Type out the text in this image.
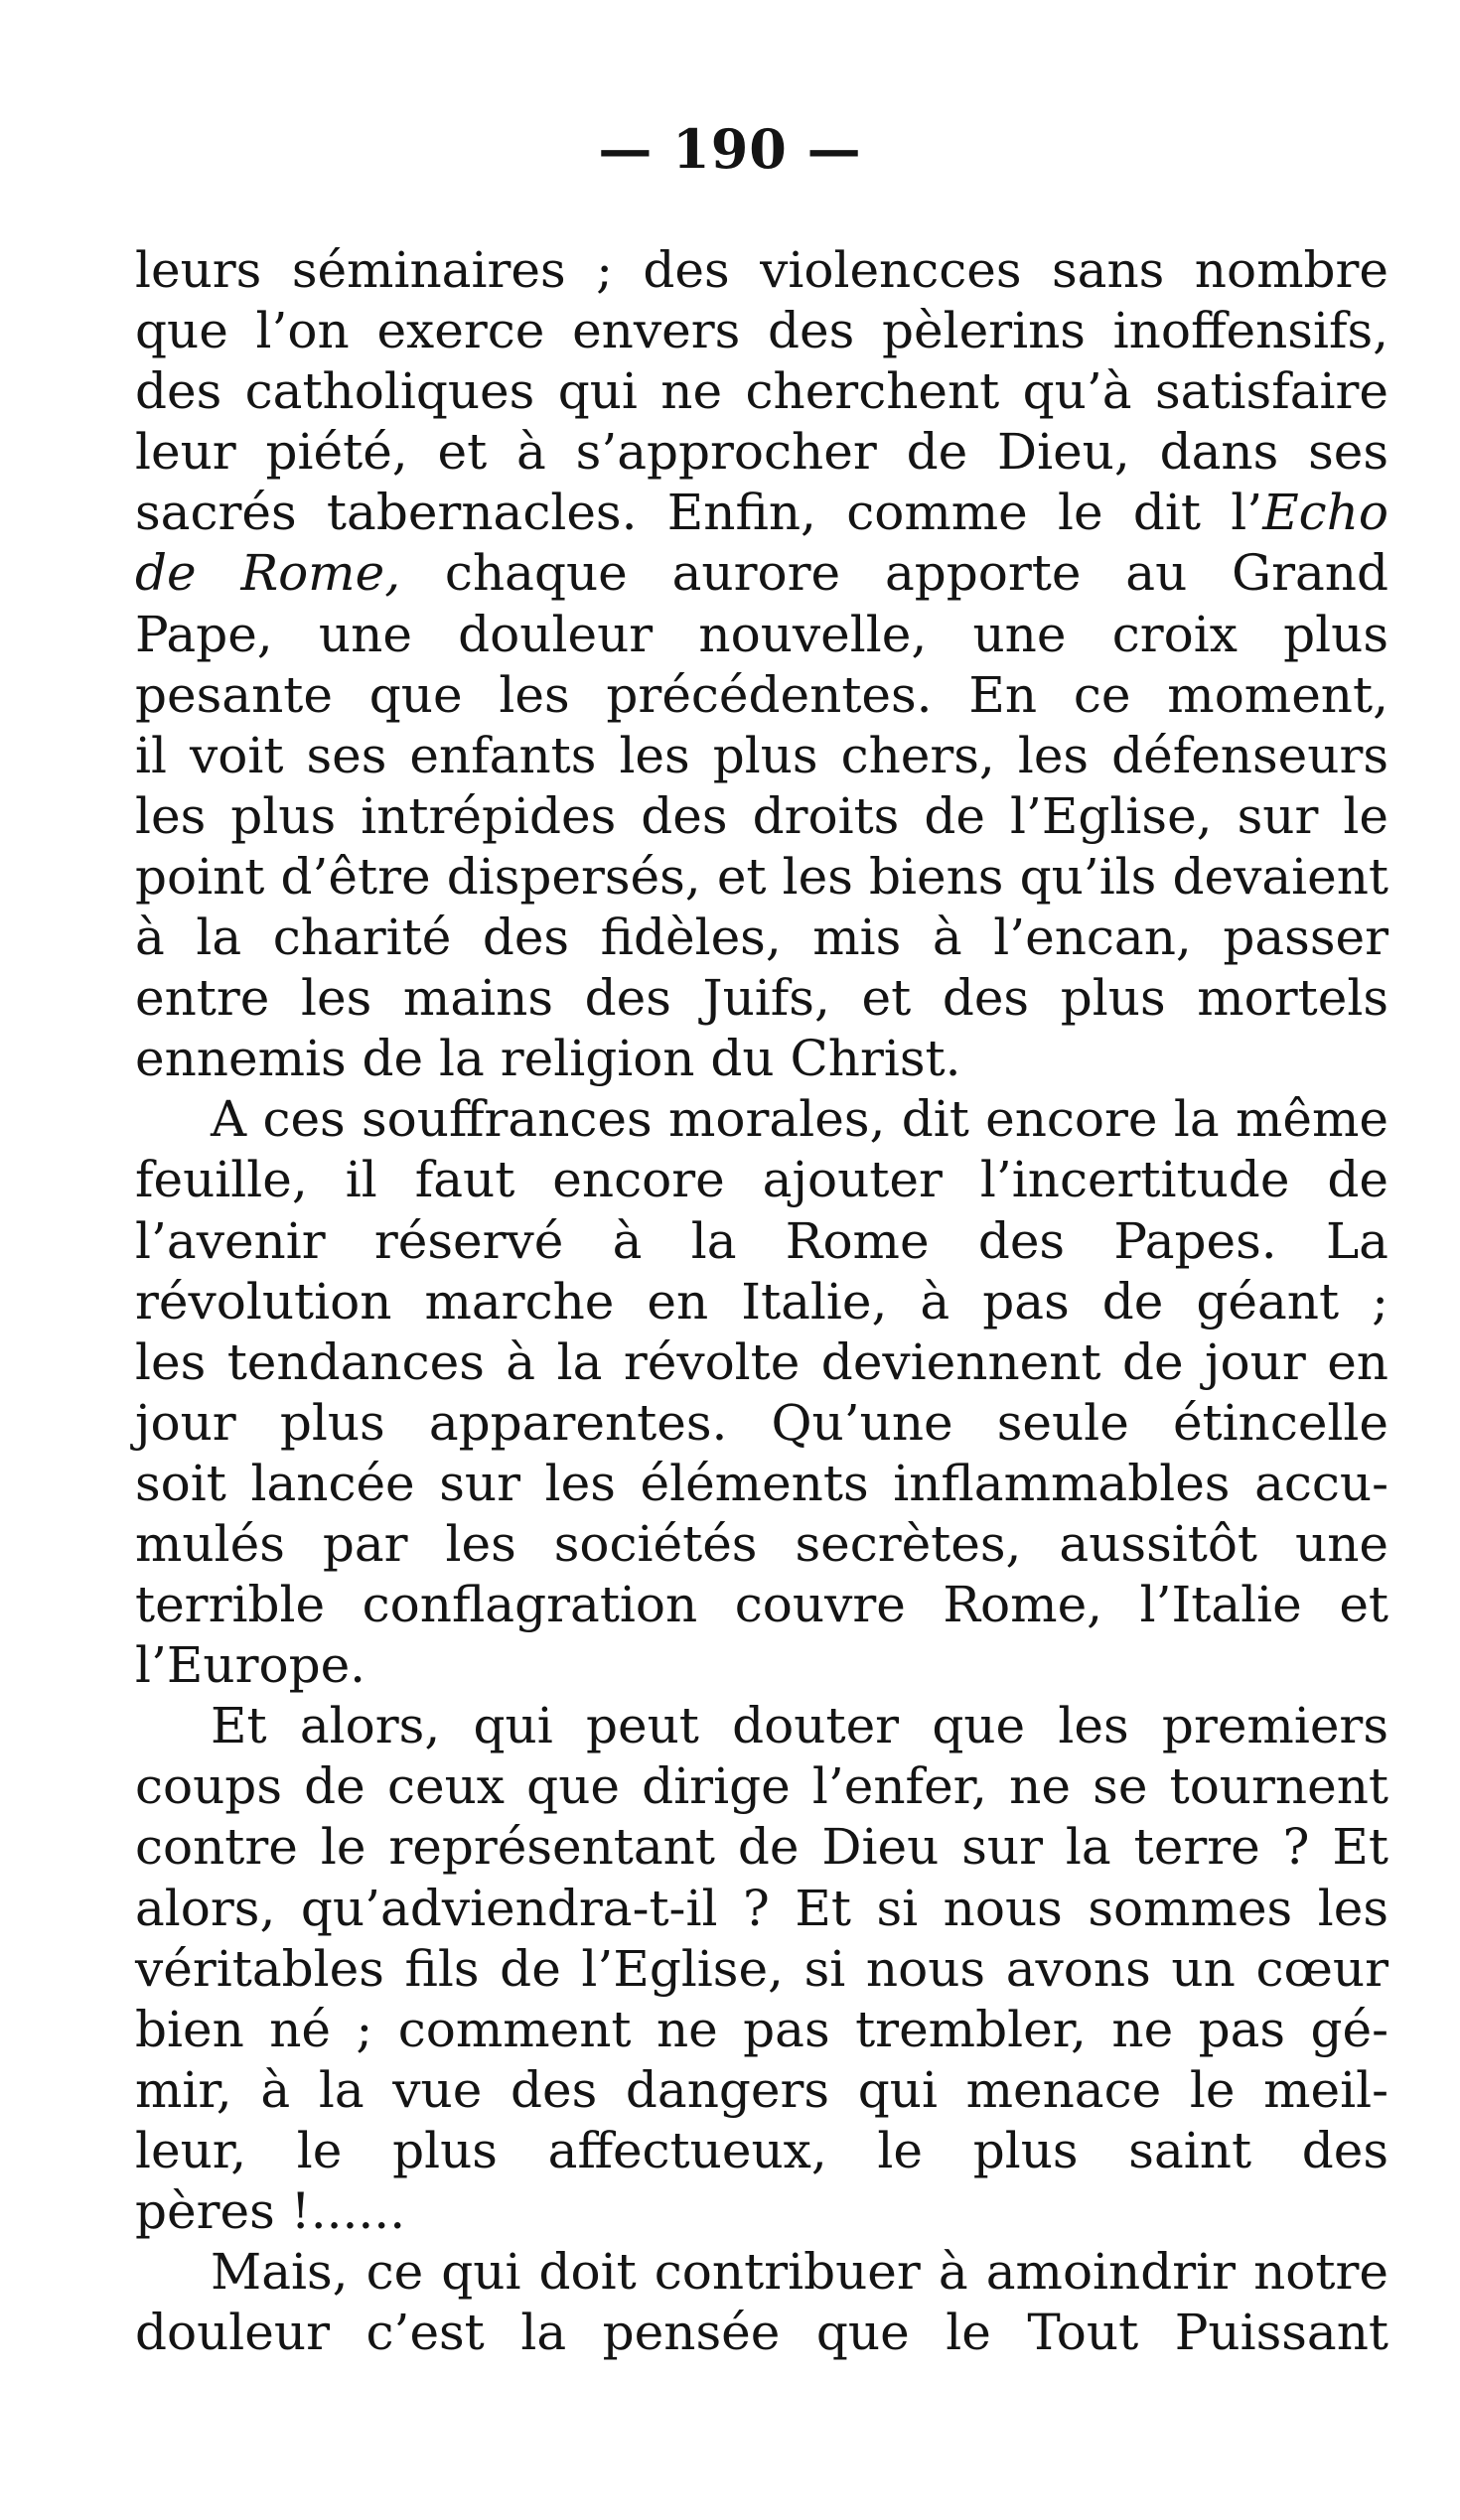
— 190 —
leurs séminaires ; des violencces sans nombre
que l’on exerce envers des pèlerins inoffensifs,
des catholiques qui ne cherchent qu’à satisfaire
leur piété, et à s’approcher de Dieu, dans ses
sacrés tabernacles. Enfin, comme le dit l’Echo
de Rome, chaque aurore apporte au Grand
Pape, une douleur nouvelle, une croix plus
pesante que les précédentes. En ce moment,
il voit ses enfants les plus chers, les défenseurs
les plus intrépides des droits de l’Eglise, sur le
point d’être dispersés, et les biens qu’ils devaient
à la charité des fidèles, mis à l’encan, passer
entre les mains des Juifs, et des plus mortels
ennemis de la religion du Christ.
A ces souffrances morales, dit encore la même
feuille, il faut encore ajouter l’incertitude de
l’avenir réservé à la Rome des Papes. La
révolution marche en Italie, à pas de géant ;
les tendances à la révolte deviennent de jour en
jour plus apparentes. Qu’une seule étincelle
soit lancée sur les éléments inflammables accu-
mulés par les sociétés secrètes, aussitôt une
terrible conflagration couvre Rome, l’Italie et
l’Europe.
Et alors, qui peut douter que les premiers
coups de ceux que dirige l’enfer, ne se tournent
contre le représentant de Dieu sur la terre ? Et
alors, qu’adviendra-t-il ? Et si nous sommes les
véritables fils de l’Eglise, si nous avons un cœur
bien né ; comment ne pas trembler, ne pas gé-
mir, à la vue des dangers qui menace le meil-
leur, le plus affectueux, le plus saint des
pères !......
Mais, ce qui doit contribuer à amoindrir notre
douleur c’est la pensée que le Tout Puissant
